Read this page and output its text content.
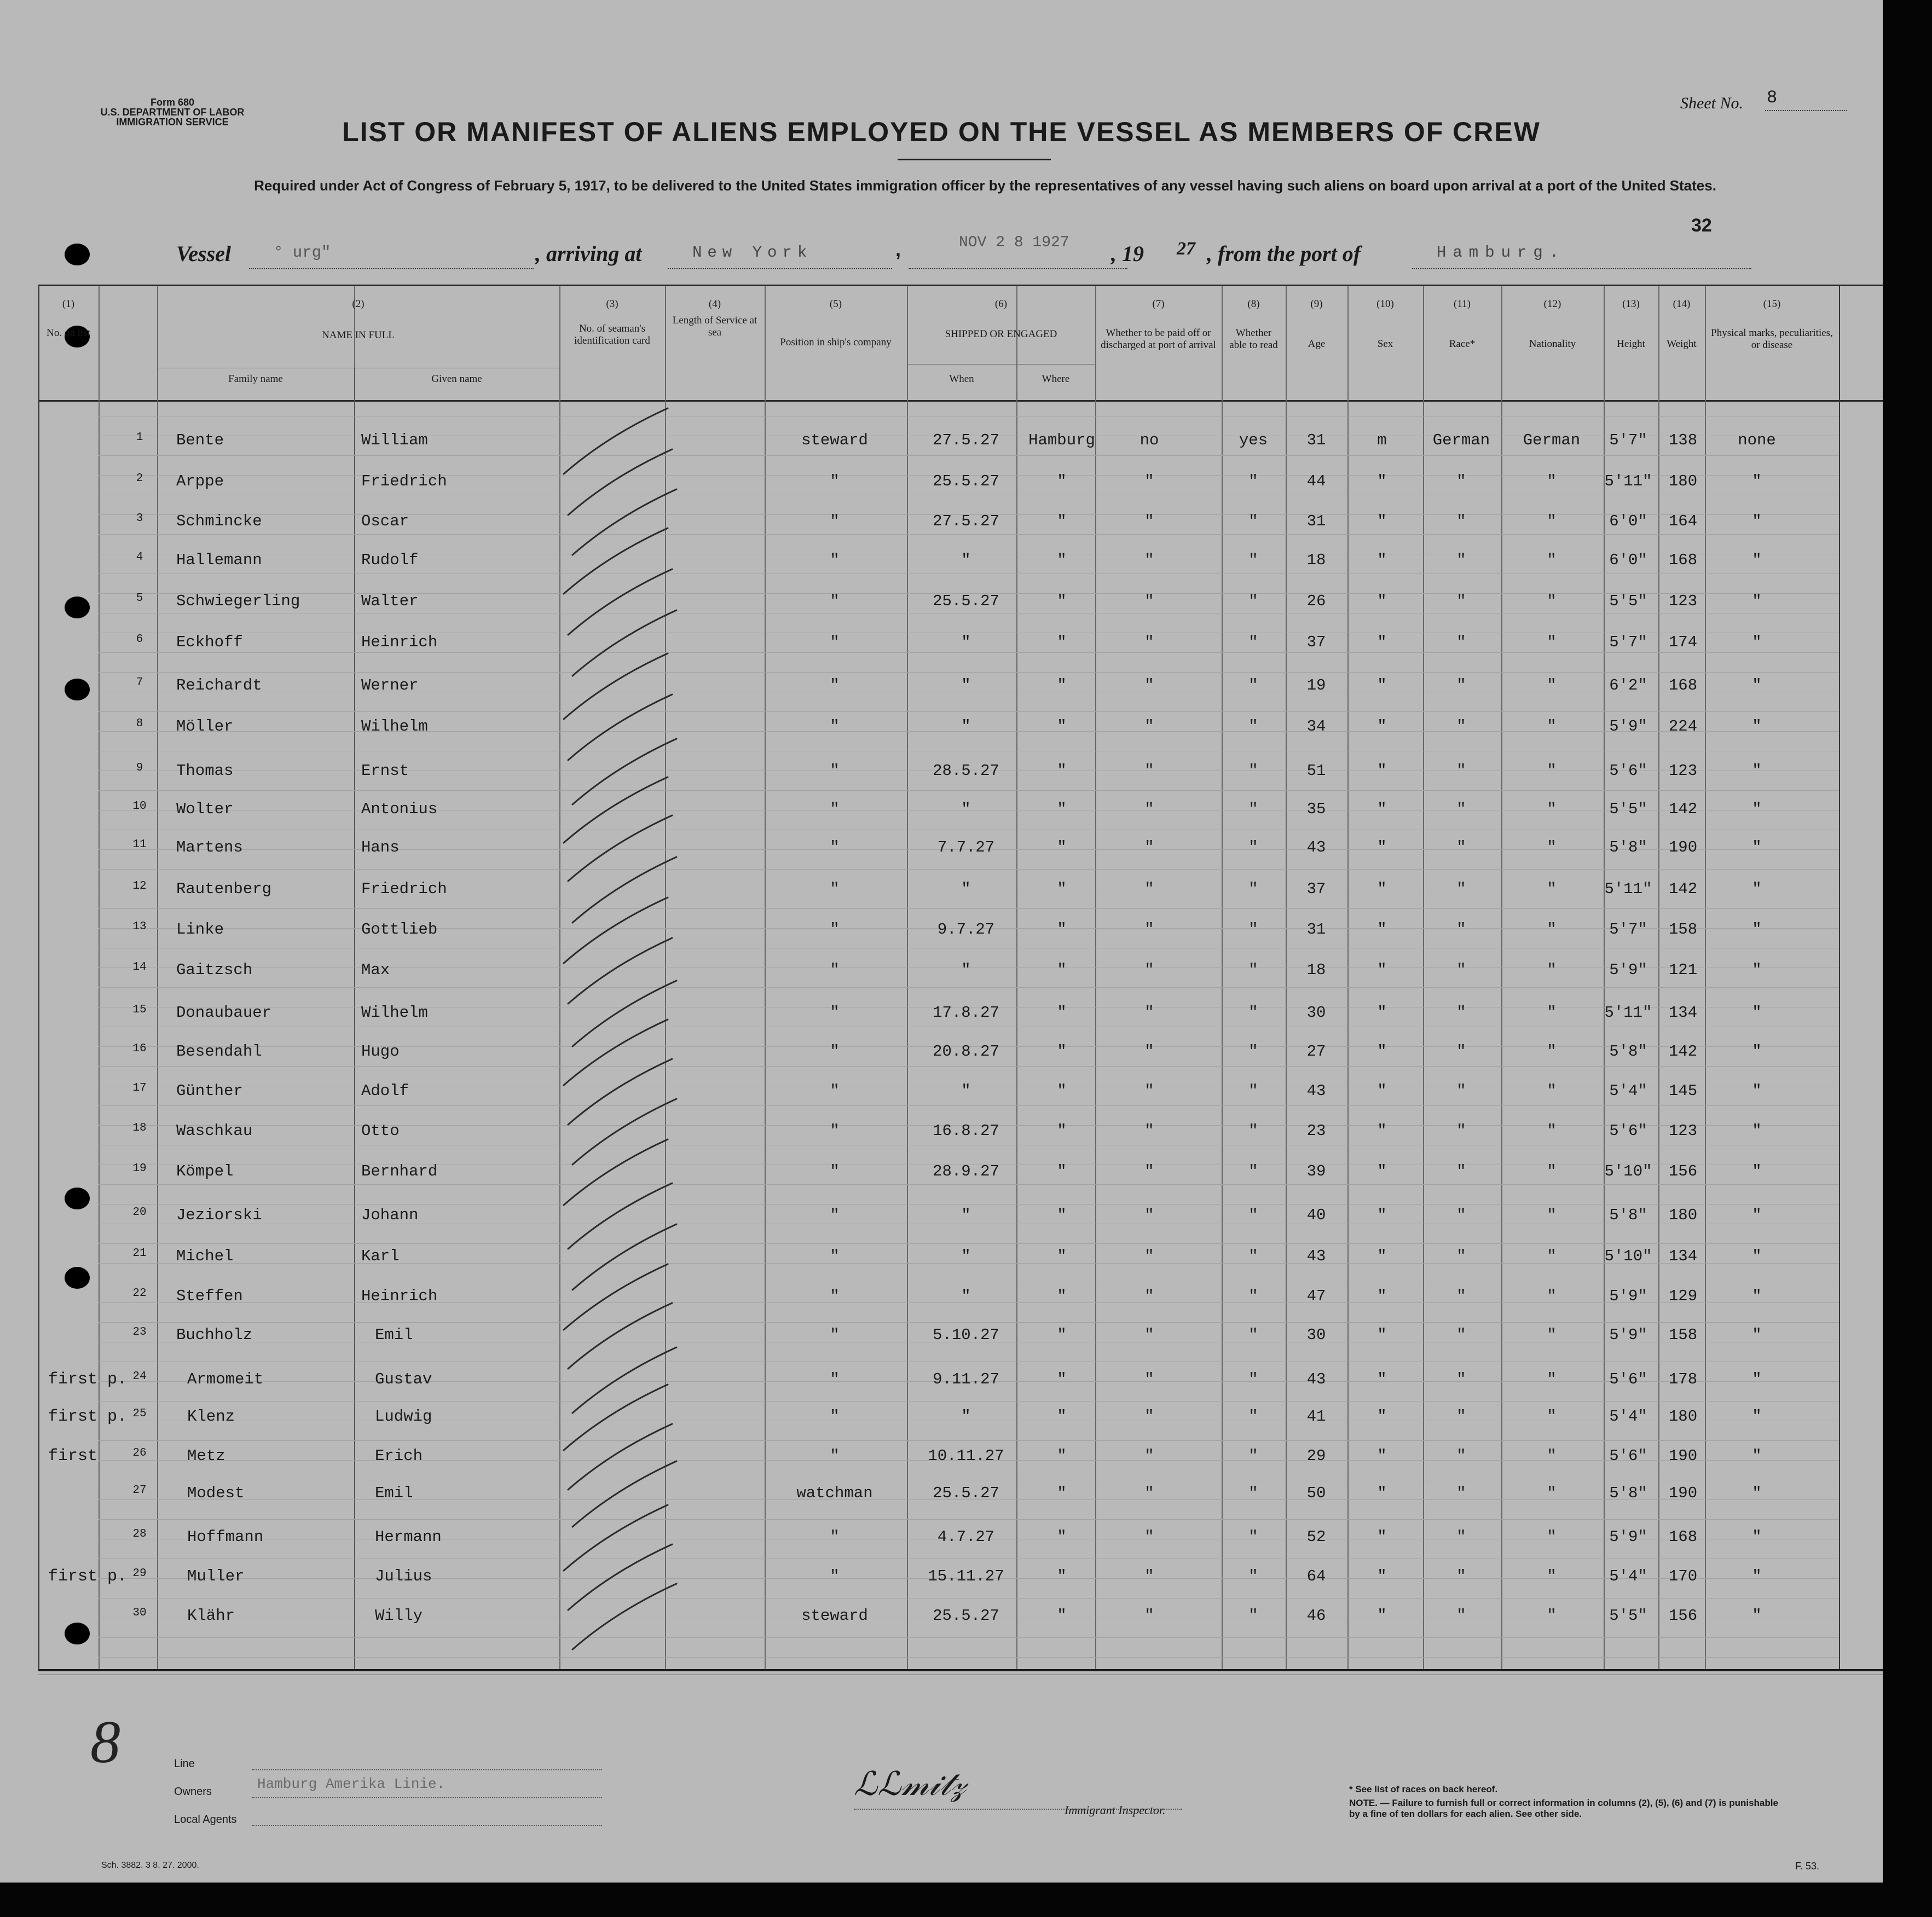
Form 680
U.S. DEPARTMENT OF LABOR
IMMIGRATION SERVICE
Sheet No. 8
LIST OR MANIFEST OF ALIENS EMPLOYED ON THE VESSEL AS MEMBERS OF CREW
Required under Act of Congress of February 5, 1917, to be delivered to the United States immigration officer by the representatives of any vessel having such aliens on board upon arrival at a port of the United States.
Vessel	° urg"	, arriving at	New York	,	NOV 2 8 1927 , 19 27 , from the port of	Hamburg.
32
(1)
No. on list
(2)
NAME IN FULL
(3)
No. of seaman's identification card
(4)
Length of Service at sea
(5)
Position in ship's company
(6)
SHIPPED OR ENGAGED
(7)
Whether to be paid off or discharged at port of arrival
(8)
Whether able to read
(9)
Age
(10)
Sex
(11)
Race*
(12)
Nationality
(13)
Height
(14)
Weight
(15)
Physical marks, peculiarities, or disease
Family name	Given name	When	Where
1	Bente	William	steward	27.5.27	Hamburg	no	yes	31	m	German	German	5'7"	138	none
2	Arppe	Friedrich	"	25.5.27	"	"	"	44	"	"	"	5'11"	180	"
3	Schmincke	Oscar	"	27.5.27	"	"	"	31	"	"	"	6'0"	164	"
4	Hallemann	Rudolf	"	"	"	"	"	18	"	"	"	6'0"	168	"
5	Schwiegerling	Walter	"	25.5.27	"	"	"	26	"	"	"	5'5"	123	"
6	Eckhoff	Heinrich	"	"	"	"	"	37	"	"	"	5'7"	174	"
7	Reichardt	Werner	"	"	"	"	"	19	"	"	"	6'2"	168	"
8	Möller	Wilhelm	"	"	"	"	"	34	"	"	"	5'9"	224	"
9	Thomas	Ernst	"	28.5.27	"	"	"	51	"	"	"	5'6"	123	"
10	Wolter	Antonius	"	"	"	"	"	35	"	"	"	5'5"	142	"
11	Martens	Hans	"	7.7.27	"	"	"	43	"	"	"	5'8"	190	"
12	Rautenberg	Friedrich	"	"	"	"	"	37	"	"	"	5'11"	142	"
13	Linke	Gottlieb	"	9.7.27	"	"	"	31	"	"	"	5'7"	158	"
14	Gaitzsch	Max	"	"	"	"	"	18	"	"	"	5'9"	121	"
15	Donaubauer	Wilhelm	"	17.8.27	"	"	"	30	"	"	"	5'11"	134	"
16	Besendahl	Hugo	"	20.8.27	"	"	"	27	"	"	"	5'8"	142	"
17	Günther	Adolf	"	"	"	"	"	43	"	"	"	5'4"	145	"
18	Waschkau	Otto	"	16.8.27	"	"	"	23	"	"	"	5'6"	123	"
19	Kömpel	Bernhard	"	28.9.27	"	"	"	39	"	"	"	5'10"	156	"
20	Jeziorski	Johann	"	"	"	"	"	40	"	"	"	5'8"	180	"
21	Michel	Karl	"	"	"	"	"	43	"	"	"	5'10"	134	"
22	Steffen	Heinrich	"	"	"	"	"	47	"	"	"	5'9"	129	"
23	Buchholz	Emil	"	5.10.27	"	"	"	30	"	"	"	5'9"	158	"
first p. 24	Armomeit	Gustav	"	9.11.27	"	"	"	43	"	"	"	5'6"	178	"
first p. 25	Klenz	Ludwig	"	"	"	"	"	41	"	"	"	5'4"	180	"
first	26	Metz	Erich	"	10.11.27	"	"	"	29	"	"	"	5'6"	190	"
27	Modest	Emil	watchman	25.5.27	"	"	"	50	"	"	"	5'8"	190	"
28	Hoffmann	Hermann	"	4.7.27	"	"	"	52	"	"	"	5'9"	168	"
first p. 29	Muller	Julius	"	15.11.27	"	"	"	64	"	"	"	5'4"	170	"
30	Klähr	Willy	steward	25.5.27	"	"	"	46	"	"	"	5'5"	156	"
8	Line
Owners	Hamburg Amerika Linie.
Local Agents
ℒℒ𝓂𝒾𝓉𝓏
Immigrant Inspector.
* See list of races on back hereof.
NOTE. — Failure to furnish full or correct information in columns (2), (5), (6) and (7) is punishable by a fine of ten dollars for each alien. See other side.
Sch. 3882. 3 8. 27. 2000.	F. 53.
